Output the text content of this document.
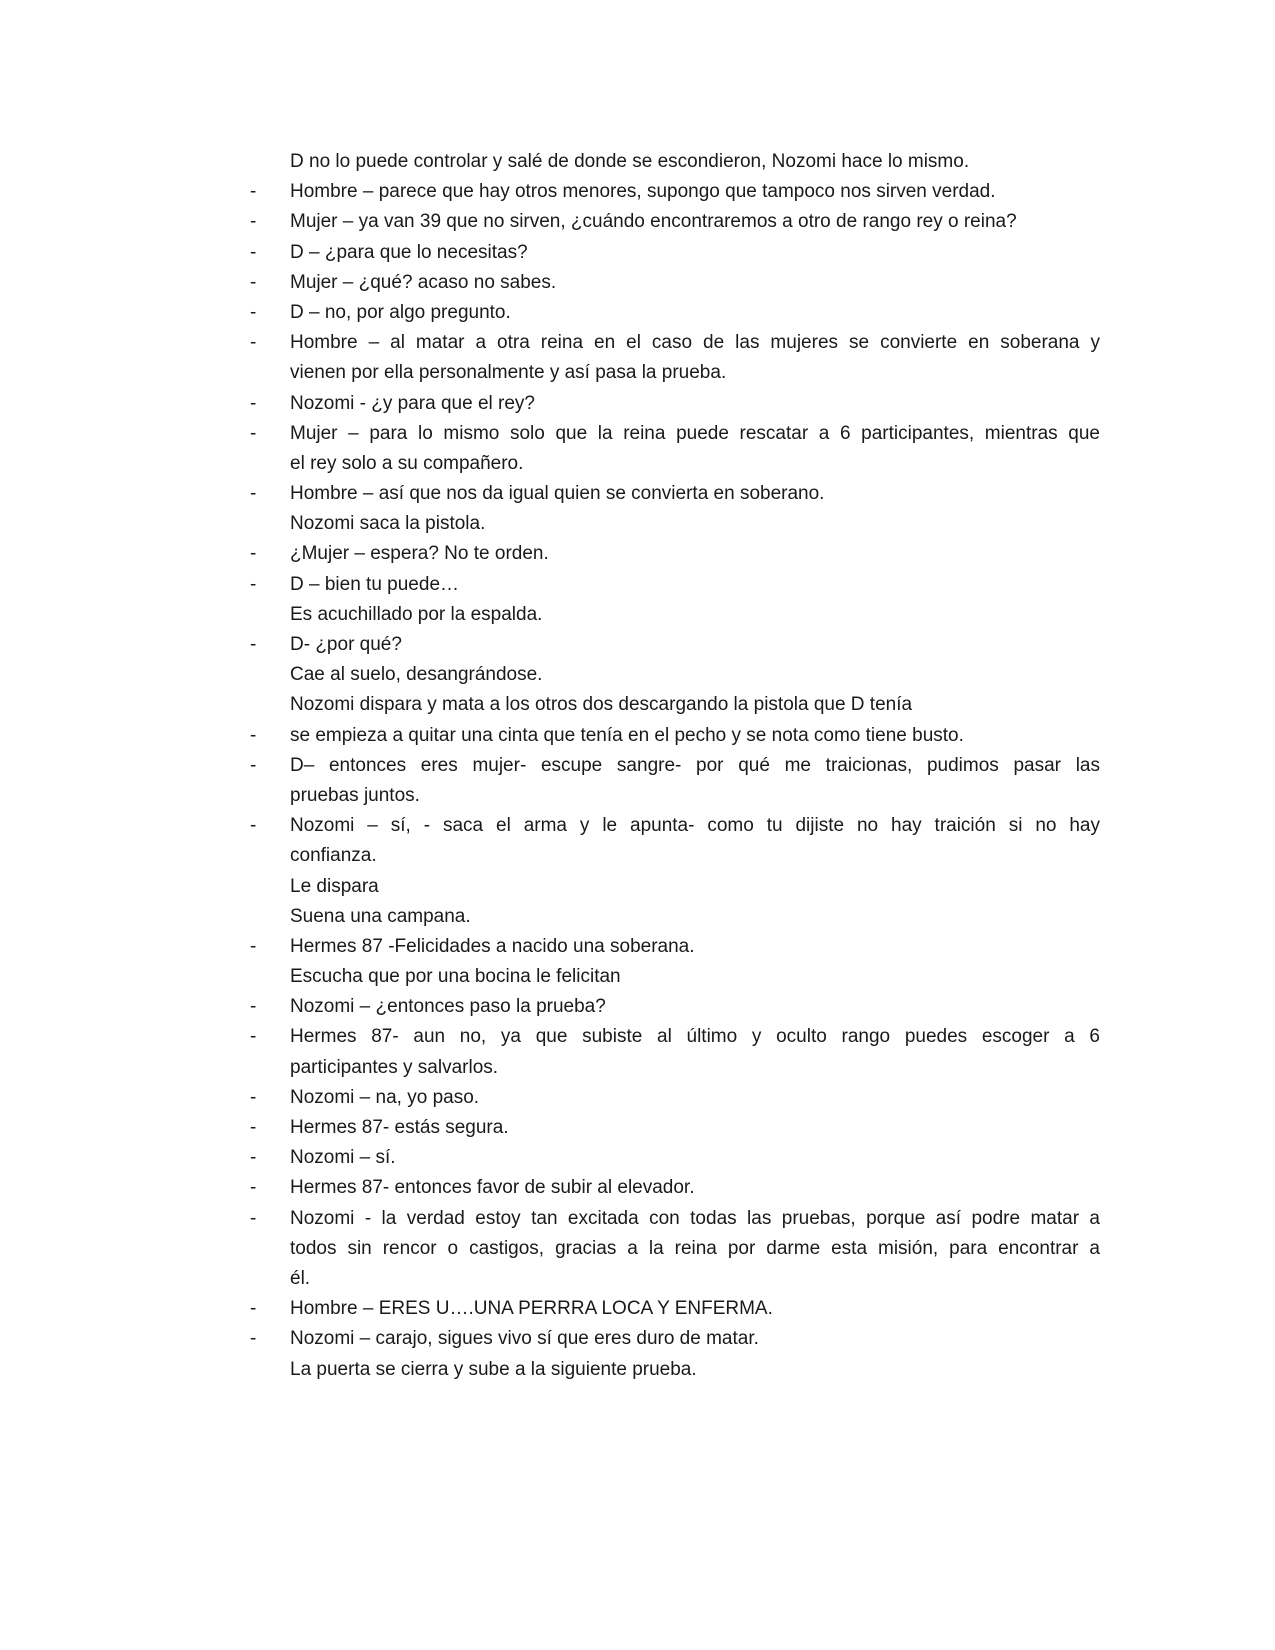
D no lo puede controlar y salé de donde se escondieron, Nozomi hace lo mismo.
-	Hombre – parece que hay otros menores, supongo que tampoco nos sirven verdad.
-	Mujer – ya van 39 que no sirven, ¿cuándo encontraremos a otro de rango rey o reina?
-	D – ¿para que lo necesitas?
-	Mujer – ¿qué? acaso no sabes.
-	D – no, por algo pregunto.
-	Hombre – al matar a otra reina en el caso de las mujeres se convierte en soberana y
vienen por ella personalmente y así pasa la prueba.
-	Nozomi - ¿y para que el rey?
-	Mujer – para lo mismo solo que la reina puede rescatar a 6 participantes, mientras que
el rey solo a su compañero.
-	Hombre – así que nos da igual quien se convierta en soberano.
Nozomi saca la pistola.
-	¿Mujer – espera? No te orden.
-	D – bien tu puede…
Es acuchillado por la espalda.
-	D- ¿por qué?
Cae al suelo, desangrándose.
Nozomi dispara y mata a los otros dos descargando la pistola que D tenía
-	se empieza a quitar una cinta que tenía en el pecho y se nota como tiene busto.
-	D– entonces eres mujer- escupe sangre- por qué me traicionas, pudimos pasar las
pruebas juntos.
-	Nozomi – sí, - saca el arma y le apunta- como tu dijiste no hay traición si no hay
confianza.
Le dispara
Suena una campana.
-	Hermes 87 -Felicidades a nacido una soberana.
Escucha que por una bocina le felicitan
-	Nozomi – ¿entonces paso la prueba?
-	Hermes 87- aun no, ya que subiste al último y oculto rango puedes escoger a 6
participantes y salvarlos.
-	Nozomi – na, yo paso.
-	Hermes 87- estás segura.
-	Nozomi – sí.
-	Hermes 87- entonces favor de subir al elevador.
-	Nozomi - la verdad estoy tan excitada con todas las pruebas, porque así podre matar a
todos sin rencor o castigos, gracias a la reina por darme esta misión, para encontrar a
él.
-	Hombre – ERES U….UNA PERRRA LOCA Y ENFERMA.
-	Nozomi – carajo, sigues vivo sí que eres duro de matar.
La puerta se cierra y sube a la siguiente prueba.
